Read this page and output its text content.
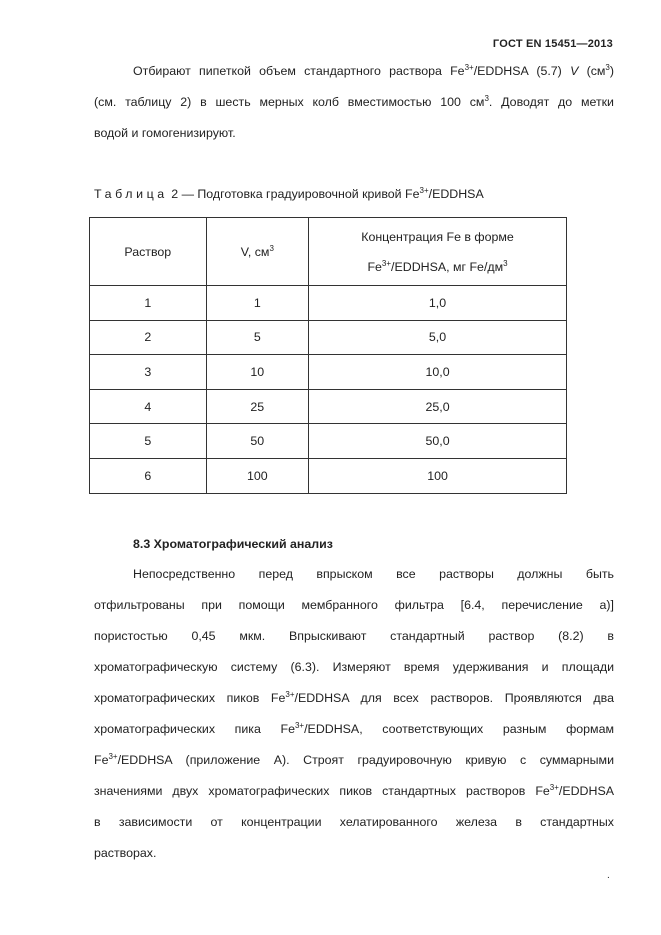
ГОСТ EN 15451—2013
Отбирают пипеткой объем стандартного раствора $Fe^{3+}$/EDDHSA (5.7) V $(см^3)$
(см. таблицу 2) в шесть мерных колб вместимостью 100 $см^3$. Доводят до метки
водой и гомогенизируют.
Таблица 2 — Подготовка градуировочной кривой $Fe^{3+}$/EDDHSA
Раствор	V, $см^3$	Концентрация Fe в форме
$Fe^{3+}$/EDDHSA, мг $Fe/дм^3$

1	1	1,0
2	5	5,0
3	10	10,0
4	25	25,0
5	50	50,0
6	100	100
8.3 Хроматографический анализ
Непосредственно перед впрыском все растворы должны быть
отфильтрованы при помощи мембранного фильтра [6.4, перечисление а)]
пористостью 0,45 мкм. Впрыскивают стандартный раствор (8.2) в
хроматографическую систему (6.3). Измеряют время удерживания и площади
хроматографических пиков $Fe^{3+}$/EDDHSA для всех растворов. Проявляются два
хроматографических пика $Fe^{3+}$/EDDHSA, соответствующих разным формам
$Fe^{3+}$/EDDHSA (приложение А). Строят градуировочную кривую с суммарными
значениями двух хроматографических пиков стандартных растворов $Fe^{3+}$/EDDHSA
в зависимости от концентрации хелатированного железа в стандартных
растворах.
.
